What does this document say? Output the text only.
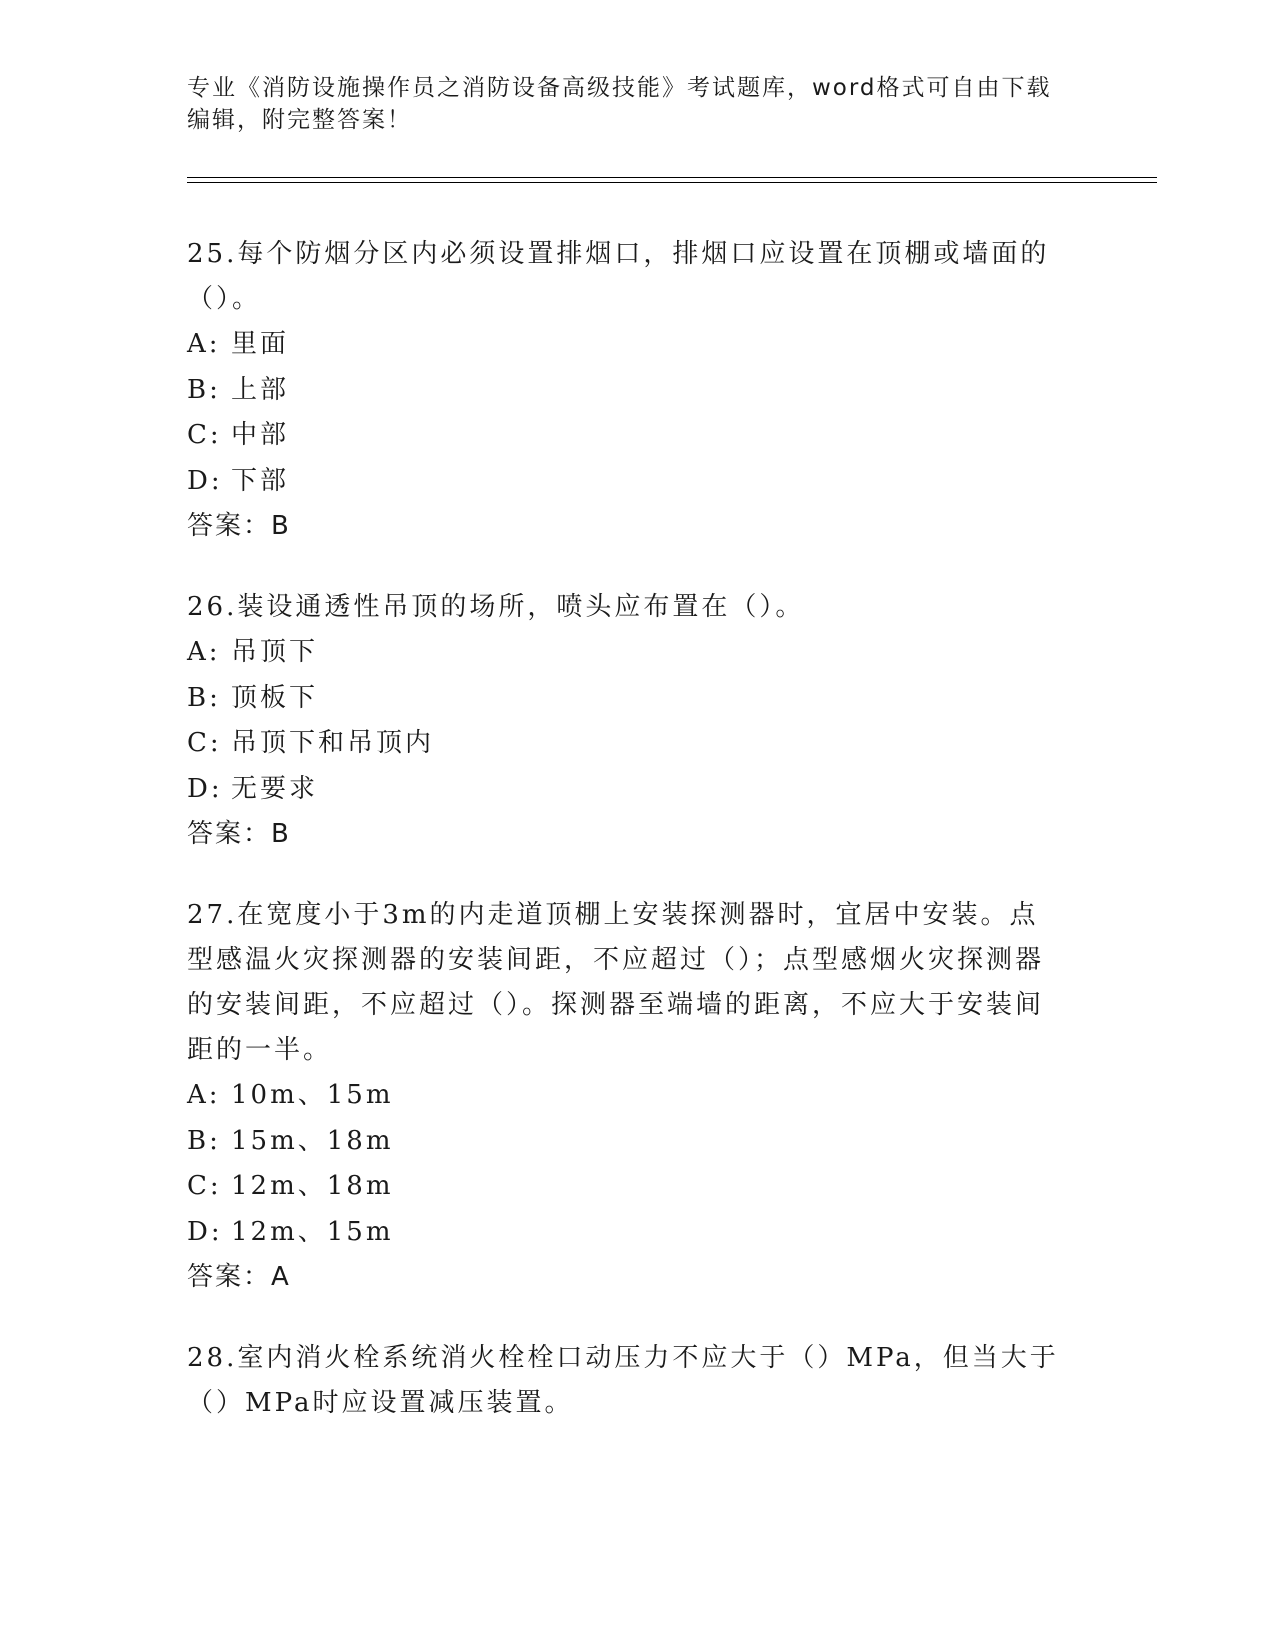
专业《消防设施操作员之消防设备高级技能》考试题库，word格式可自由下载编辑，附完整答案！

25.每个防烟分区内必须设置排烟口，排烟口应设置在顶棚或墙面的（）。

A: 里面

B: 上部

C: 中部

D: 下部

答案：B

26.装设通透性吊顶的场所，喷头应布置在（）。

A: 吊顶下

B: 顶板下

C: 吊顶下和吊顶内

D: 无要求

答案：B

27.在宽度小于3m的内走道顶棚上安装探测器时，宜居中安装。点型感温火灾探测器的安装间距，不应超过（）；点型感烟火灾探测器的安装间距，不应超过（）。探测器至端墙的距离，不应大于安装间距的一半。

A: 10m、15m

B: 15m、18m

C: 12m、18m

D: 12m、15m

答案：A

28.室内消火栓系统消火栓栓口动压力不应大于（）MPa，但当大于（）MPa时应设置减压装置。
